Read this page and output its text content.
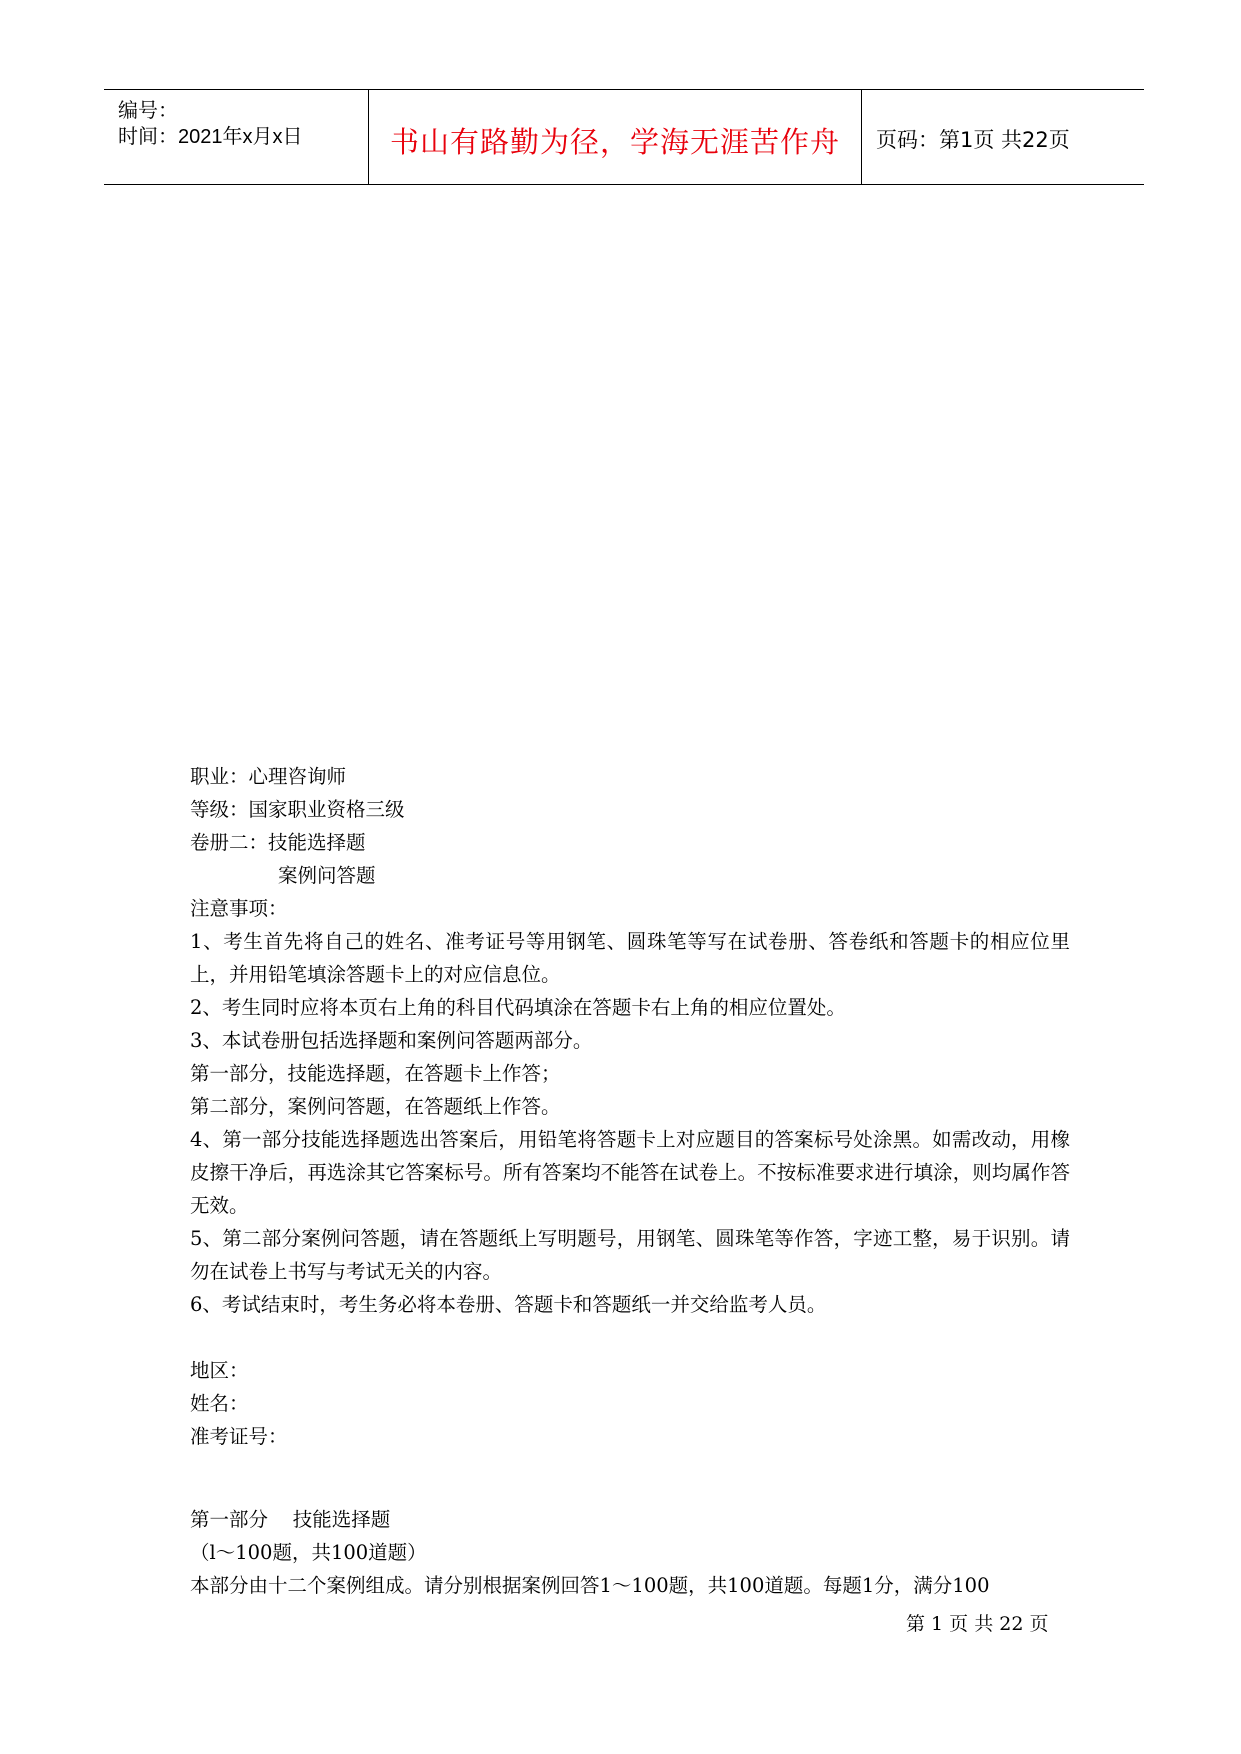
编号：
时间：2021年x月x日	书山有路勤为径，学海无涯苦作舟	页码：第1页 共22页

职业：心理咨询师

等级：国家职业资格三级

卷册二：技能选择题

案例问答题

注意事项：

1、考生首先将自己的姓名、准考证号等用钢笔、圆珠笔等写在试卷册、答卷纸和答题卡的相应位里上，并用铅笔填涂答题卡上的对应信息位。

2、考生同时应将本页右上角的科目代码填涂在答题卡右上角的相应位置处。

3、本试卷册包括选择题和案例问答题两部分。

第一部分，技能选择题，在答题卡上作答；

第二部分，案例问答题，在答题纸上作答。

4、第一部分技能选择题选出答案后，用铅笔将答题卡上对应题目的答案标号处涂黑。如需改动，用橡皮擦干净后，再选涂其它答案标号。所有答案均不能答在试卷上。不按标准要求进行填涂，则均属作答无效。

5、第二部分案例问答题，请在答题纸上写明题号，用钢笔、圆珠笔等作答，字迹工整，易于识别。请勿在试卷上书写与考试无关的内容。

6、考试结束时，考生务必将本卷册、答题卡和答题纸一并交给监考人员。

地区：

姓名：

准考证号：

第一部分    技能选择题

（l～100题，共100道题）

本部分由十二个案例组成。请分别根据案例回答1～100题，共100道题。每题1分，满分100

第 1 页 共 22 页
